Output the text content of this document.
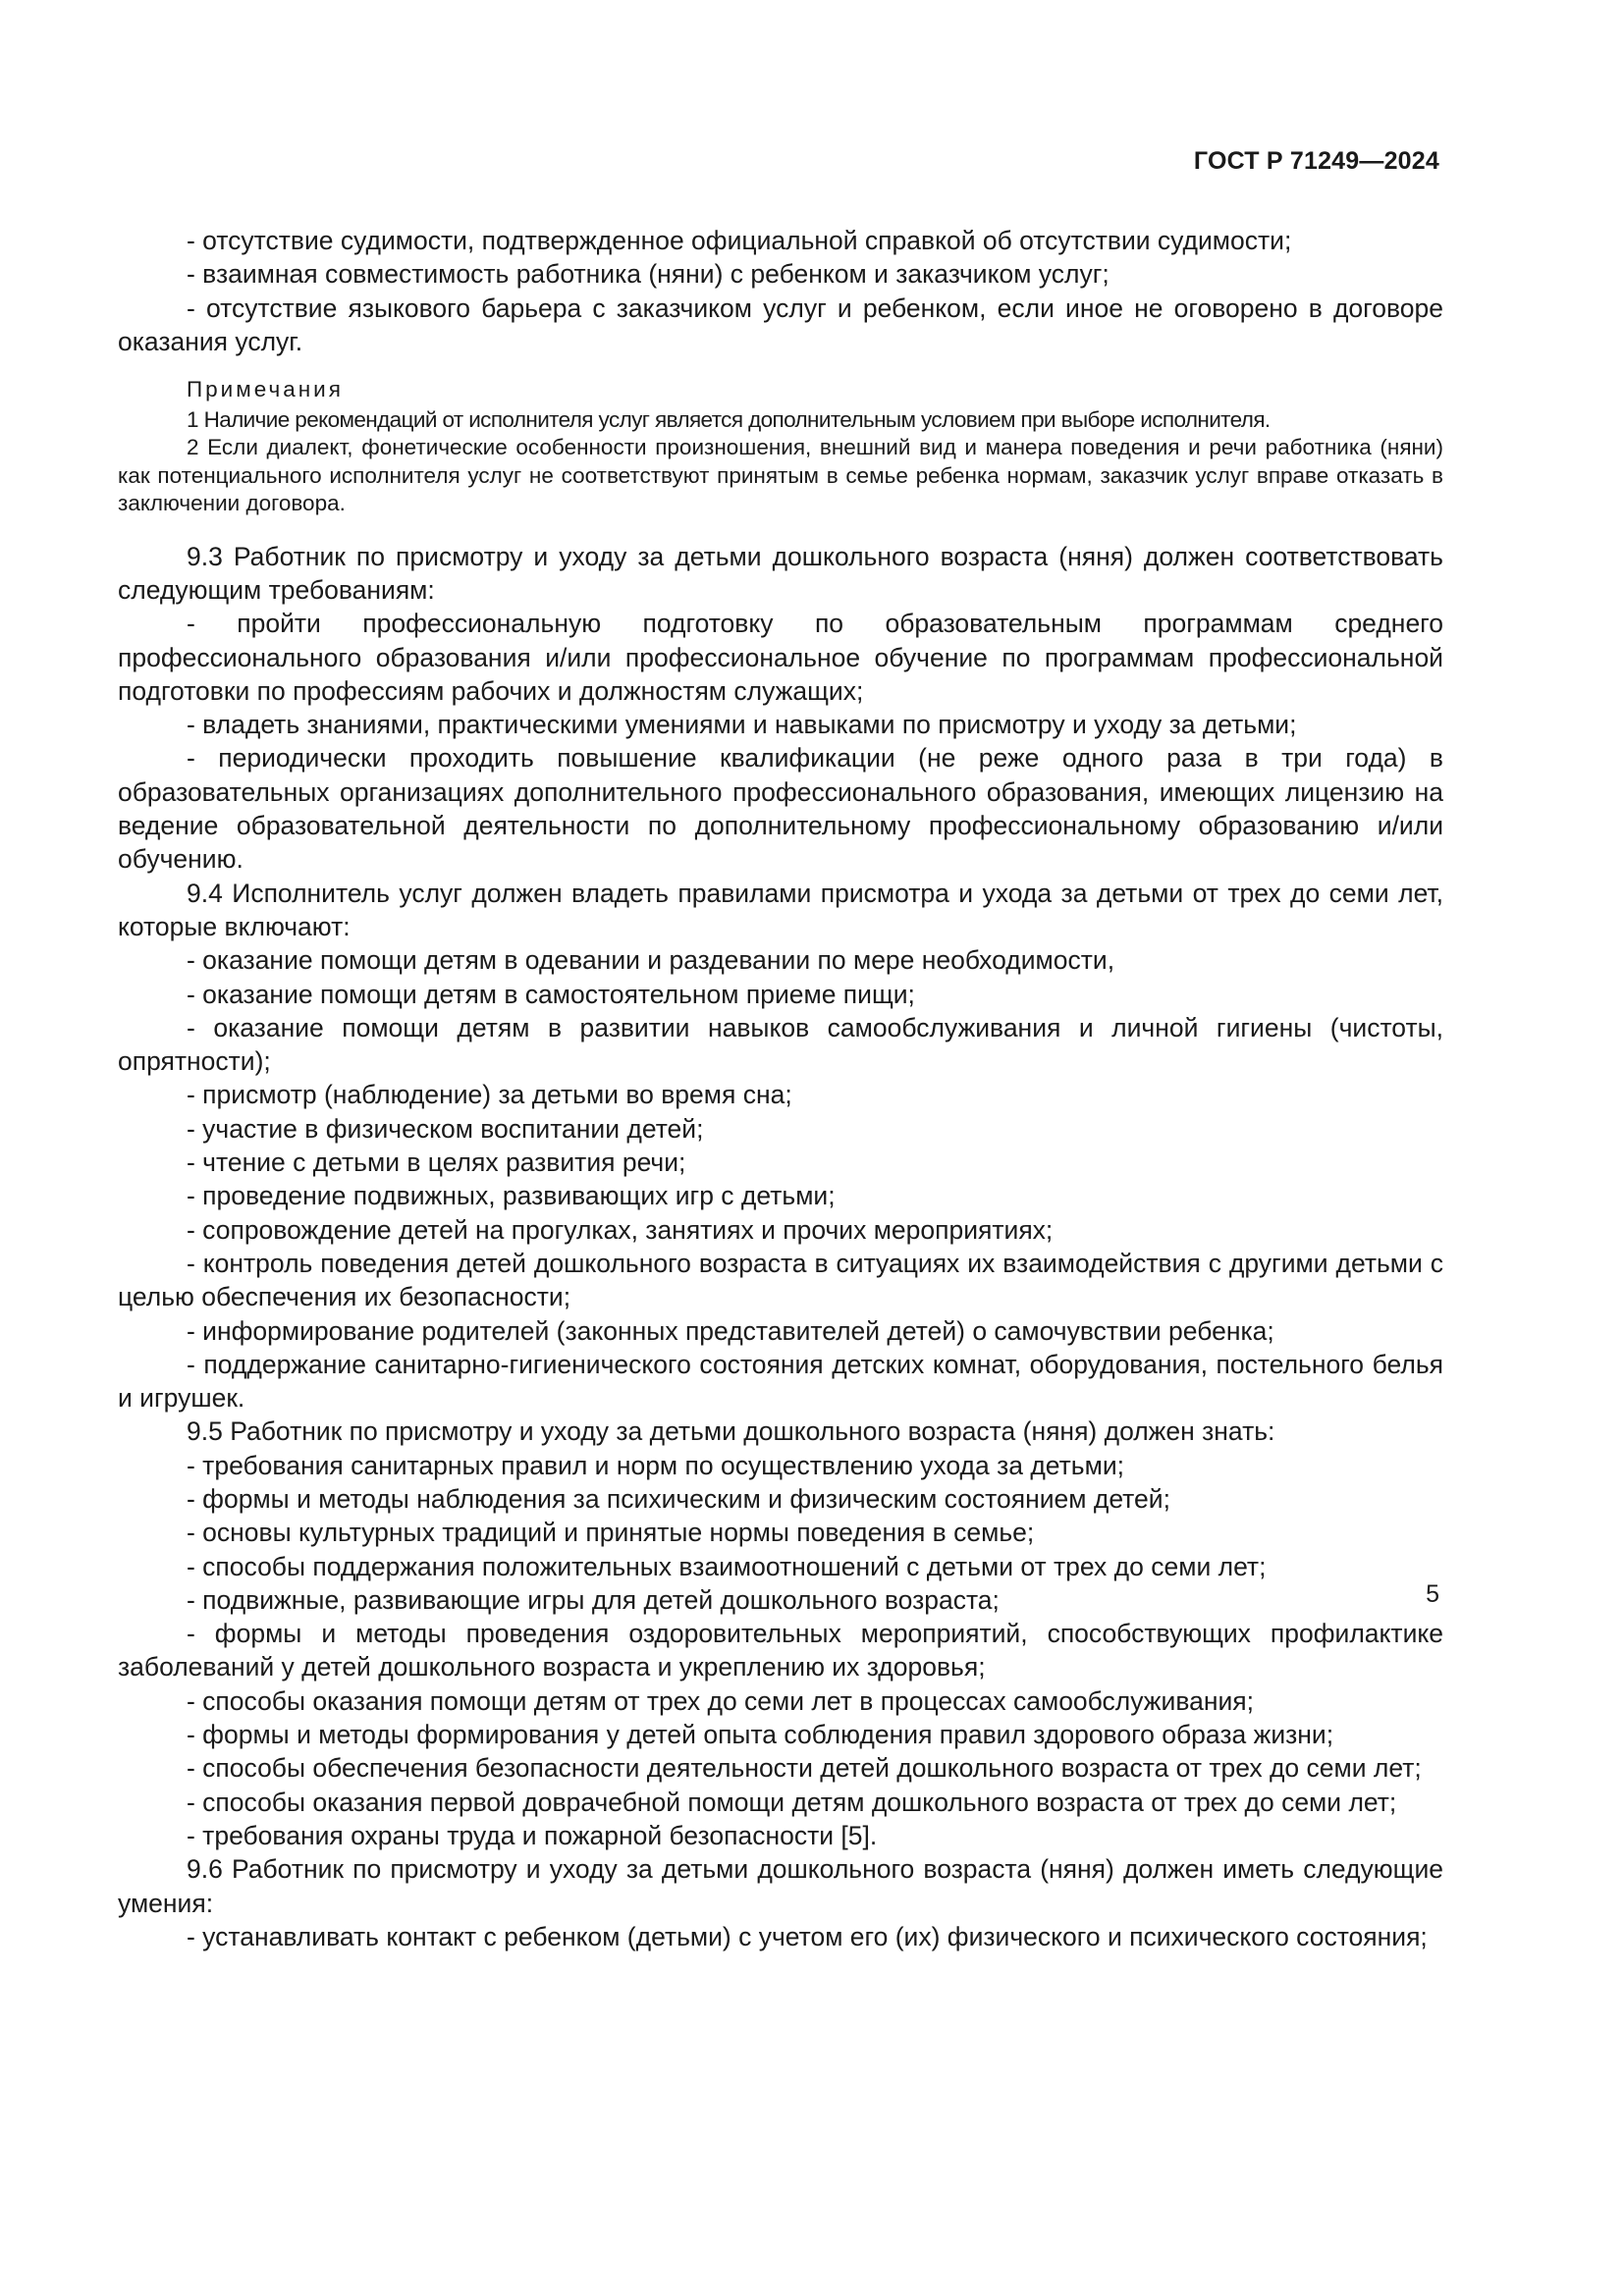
ГОСТ Р 71249—2024

- отсутствие судимости, подтвержденное официальной справкой об отсутствии судимости;

- взаимная совместимость работника (няни) с ребенком и заказчиком услуг;

- отсутствие языкового барьера с заказчиком услуг и ребенком, если иное не оговорено в договоре оказания услуг.

Примечания

1 Наличие рекомендаций от исполнителя услуг является дополнительным условием при выборе исполнителя.

2 Если диалект, фонетические особенности произношения, внешний вид и манера поведения и речи работника (няни) как потенциального исполнителя услуг не соответствуют принятым в семье ребенка нормам, заказчик услуг вправе отказать в заключении договора.

9.3 Работник по присмотру и уходу за детьми дошкольного возраста (няня) должен соответствовать следующим требованиям:

- пройти профессиональную подготовку по образовательным программам среднего профессионального образования и/или профессиональное обучение по программам профессиональной подготовки по профессиям рабочих и должностям служащих;

- владеть знаниями, практическими умениями и навыками по присмотру и уходу за детьми;

- периодически проходить повышение квалификации (не реже одного раза в три года) в образовательных организациях дополнительного профессионального образования, имеющих лицензию на ведение образовательной деятельности по дополнительному профессиональному образованию и/или обучению.

9.4 Исполнитель услуг должен владеть правилами присмотра и ухода за детьми от трех до семи лет, которые включают:

- оказание помощи детям в одевании и раздевании по мере необходимости,

- оказание помощи детям в самостоятельном приеме пищи;

- оказание помощи детям в развитии навыков самообслуживания и личной гигиены (чистоты, опрятности);

- присмотр (наблюдение) за детьми во время сна;

- участие в физическом воспитании детей;

- чтение с детьми в целях развития речи;

- проведение подвижных, развивающих игр с детьми;

- сопровождение детей на прогулках, занятиях и прочих мероприятиях;

- контроль поведения детей дошкольного возраста в ситуациях их взаимодействия с другими детьми с целью обеспечения их безопасности;

- информирование родителей (законных представителей детей) о самочувствии ребенка;

- поддержание санитарно-гигиенического состояния детских комнат, оборудования, постельного белья и игрушек.

9.5 Работник по присмотру и уходу за детьми дошкольного возраста (няня) должен знать:

- требования санитарных правил и норм по осуществлению ухода за детьми;

- формы и методы наблюдения за психическим и физическим состоянием детей;

- основы культурных традиций и принятые нормы поведения в семье;

- способы поддержания положительных взаимоотношений с детьми от трех до семи лет;

- подвижные, развивающие игры для детей дошкольного возраста;

- формы и методы проведения оздоровительных мероприятий, способствующих профилактике заболеваний у детей дошкольного возраста и укреплению их здоровья;

- способы оказания помощи детям от трех до семи лет в процессах самообслуживания;

- формы и методы формирования у детей опыта соблюдения правил здорового образа жизни;

- способы обеспечения безопасности деятельности детей дошкольного возраста от трех до семи лет;

- способы оказания первой доврачебной помощи детям дошкольного возраста от трех до семи лет;

- требования охраны труда и пожарной безопасности [5].

9.6 Работник по присмотру и уходу за детьми дошкольного возраста (няня) должен иметь следующие умения:

- устанавливать контакт с ребенком (детьми) с учетом его (их) физического и психического состояния;

5
